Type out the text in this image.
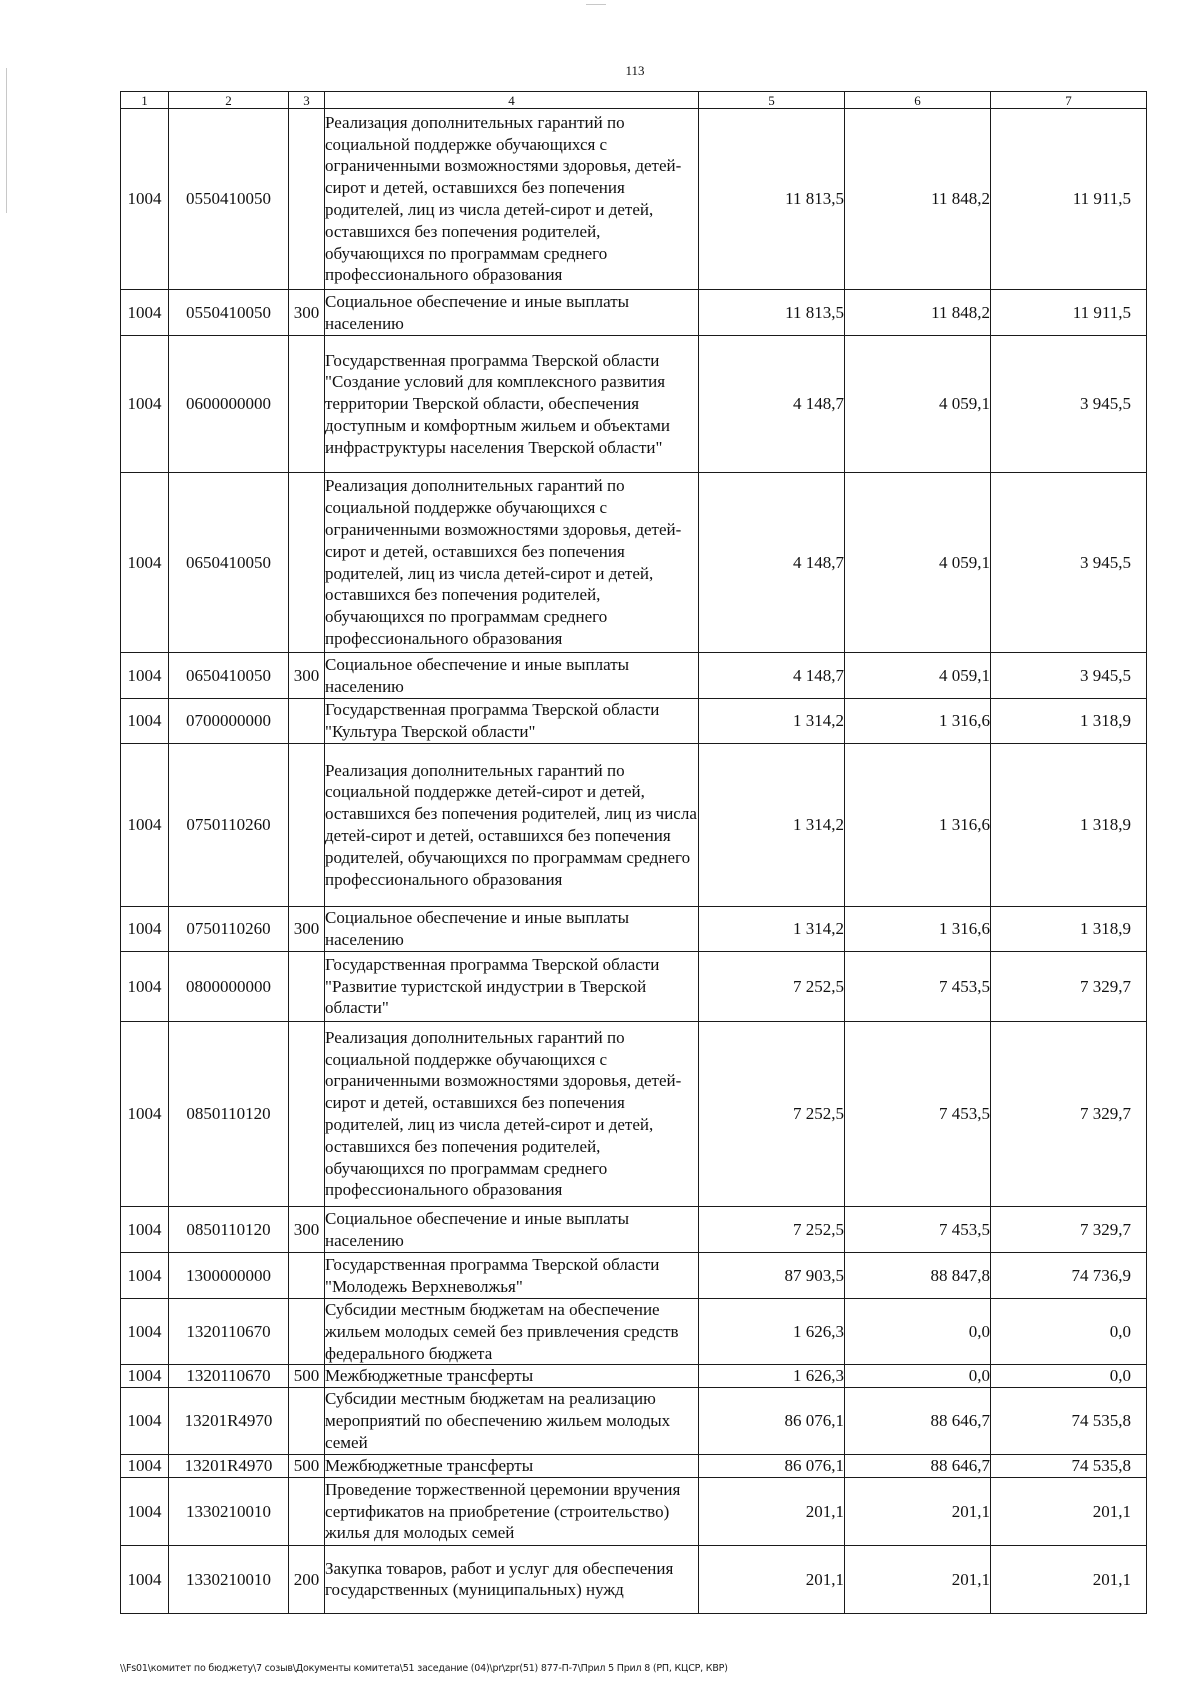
113
1	2	3	4	5	6	7
1004	0550410050		Реализация дополнительных гарантий по социальной поддержке обучающихся с ограниченными возможностями здоровья, детей-сирот и детей, оставшихся без попечения родителей, лиц из числа детей-сирот и детей, оставшихся без попечения родителей, обучающихся по программам среднего профессионального образования	11 813,5	11 848,2	11 911,5
1004	0550410050	300	Социальное обеспечение и иные выплаты населению	11 813,5	11 848,2	11 911,5
1004	0600000000		Государственная программа Тверской области "Создание условий для комплексного развития территории Тверской области, обеспечения доступным и комфортным жильем и объектами инфраструктуры населения Тверской области"	4 148,7	4 059,1	3 945,5
1004	0650410050		Реализация дополнительных гарантий по социальной поддержке обучающихся с ограниченными возможностями здоровья, детей-сирот и детей, оставшихся без попечения родителей, лиц из числа детей-сирот и детей, оставшихся без попечения родителей, обучающихся по программам среднего профессионального образования	4 148,7	4 059,1	3 945,5
1004	0650410050	300	Социальное обеспечение и иные выплаты населению	4 148,7	4 059,1	3 945,5
1004	0700000000		Государственная программа Тверской области "Культура Тверской области"	1 314,2	1 316,6	1 318,9
1004	0750110260		Реализация дополнительных гарантий по социальной поддержке детей-сирот и детей, оставшихся без попечения родителей, лиц из числа детей-сирот и детей, оставшихся без попечения родителей, обучающихся по программам среднего профессионального образования	1 314,2	1 316,6	1 318,9
1004	0750110260	300	Социальное обеспечение и иные выплаты населению	1 314,2	1 316,6	1 318,9
1004	0800000000		Государственная программа Тверской области "Развитие туристской индустрии в Тверской области"	7 252,5	7 453,5	7 329,7
1004	0850110120		Реализация дополнительных гарантий по социальной поддержке обучающихся с ограниченными возможностями здоровья, детей-сирот и детей, оставшихся без попечения родителей, лиц из числа детей-сирот и детей, оставшихся без попечения родителей, обучающихся по программам среднего профессионального образования	7 252,5	7 453,5	7 329,7
1004	0850110120	300	Социальное обеспечение и иные выплаты населению	7 252,5	7 453,5	7 329,7
1004	1300000000		Государственная программа Тверской области "Молодежь Верхневолжья"	87 903,5	88 847,8	74 736,9
1004	1320110670		Субсидии местным бюджетам на обеспечение жильем молодых семей без привлечения средств федерального бюджета	1 626,3	0,0	0,0
1004	1320110670	500	Межбюджетные трансферты	1 626,3	0,0	0,0
1004	13201R4970		Субсидии местным бюджетам на реализацию мероприятий по обеспечению жильем молодых семей	86 076,1	88 646,7	74 535,8
1004	13201R4970	500	Межбюджетные трансферты	86 076,1	88 646,7	74 535,8
1004	1330210010		Проведение торжественной церемонии вручения сертификатов на приобретение (строительство) жилья для молодых семей	201,1	201,1	201,1
1004	1330210010	200	Закупка товаров, работ и услуг для обеспечения государственных (муниципальных) нужд	201,1	201,1	201,1
\\Fs01\комитет по бюджету\7 созыв\Документы комитета\51 заседание (04)\pr\zpr(51) 877-П-7\Прил 5 Прил 8 (РП, КЦСР, КВР)
